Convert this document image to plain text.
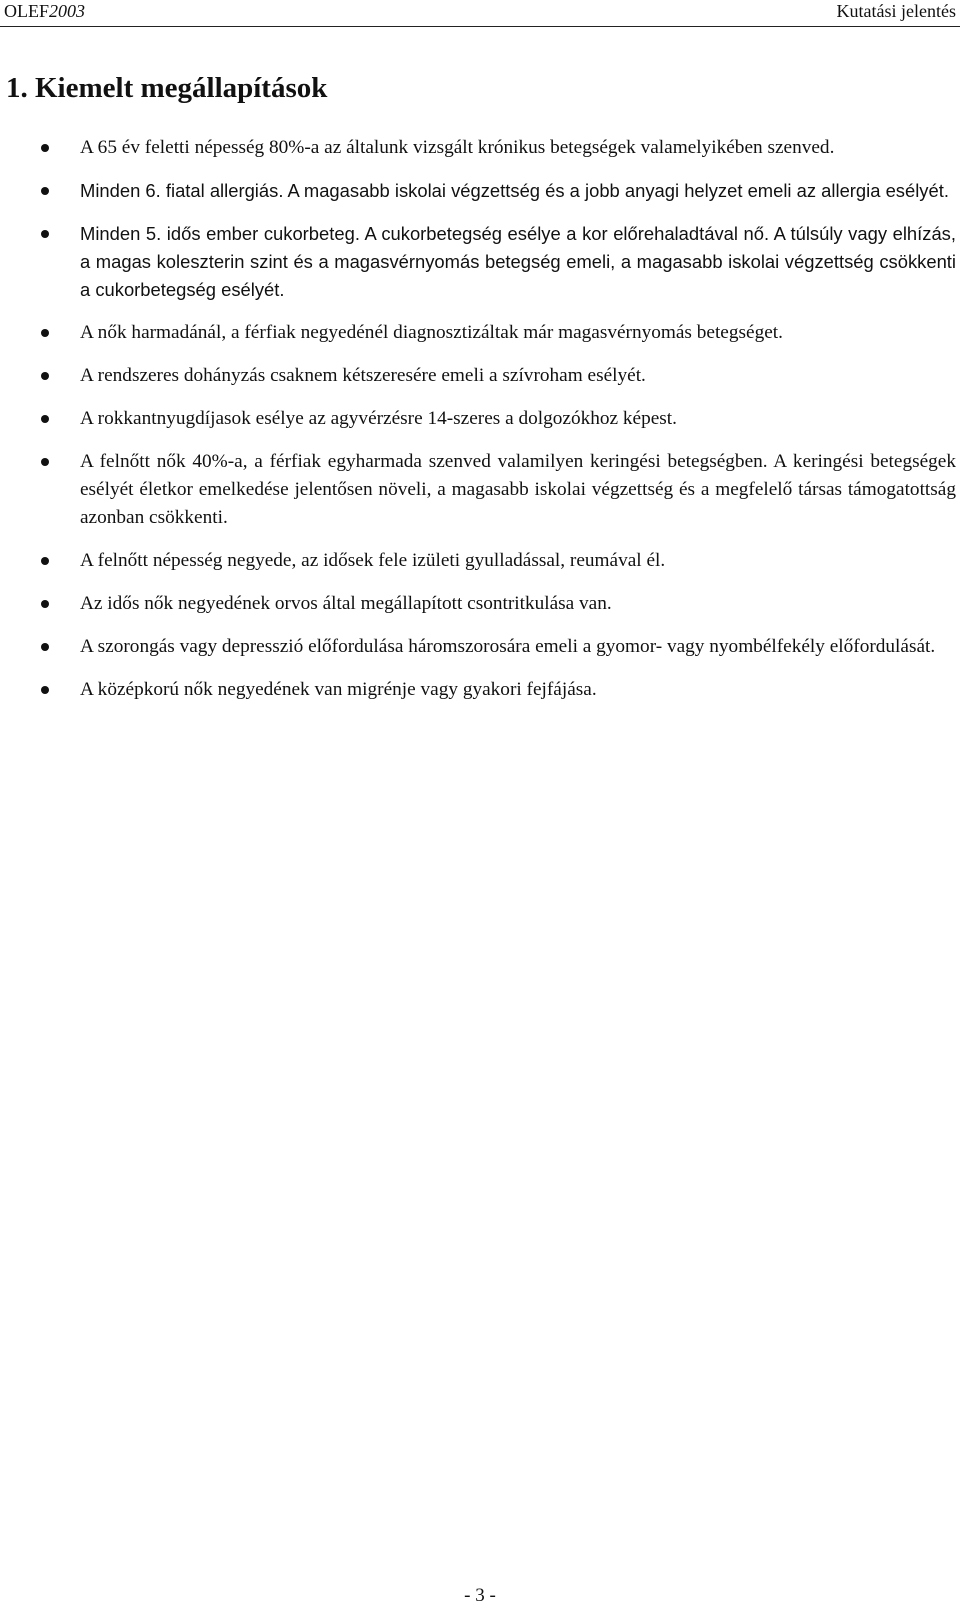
OLEF2003	Kutatási jelentés
1. Kiemelt megállapítások
A 65 év feletti népesség 80%-a az általunk vizsgált krónikus betegségek valamelyikében szenved.
Minden 6. fiatal allergiás. A magasabb iskolai végzettség és a jobb anyagi helyzet emeli az allergia esélyét.
Minden 5. idős ember cukorbeteg. A cukorbetegség esélye a kor előrehaladtával nő. A túlsúly vagy elhízás, a magas koleszterin szint és a magasvérnyomás betegség emeli, a magasabb iskolai végzettség csökkenti a cukorbetegség esélyét.
A nők harmadánál, a férfiak negyedénél diagnosztizáltak már magasvérnyomás betegséget.
A rendszeres dohányzás csaknem kétszeresére emeli a szívroham esélyét.
A rokkantnyugdíjasok esélye az agyvérzésre 14-szeres a dolgozókhoz képest.
A felnőtt nők 40%-a, a férfiak egyharmada szenved valamilyen keringési betegségben. A keringési betegségek esélyét életkor emelkedése jelentősen növeli, a magasabb iskolai végzettség és a megfelelő társas támogatottság azonban csökkenti.
A felnőtt népesség negyede, az idősek fele izületi gyulladással, reumával él.
Az idős nők negyedének orvos által megállapított csontritkulása van.
A szorongás vagy depresszió előfordulása háromszorosára emeli a gyomor- vagy nyombélfekély előfordulását.
A középkorú nők negyedének van migrénje vagy gyakori fejfájása.
- 3 -
